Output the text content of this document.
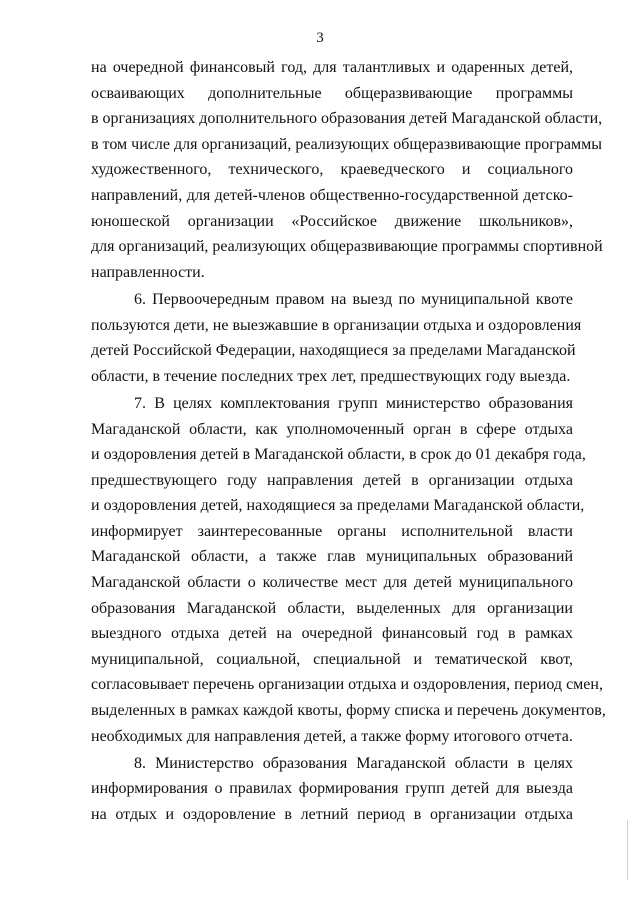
3
на очередной финансовый год, для талантливых и одаренных детей,
осваивающих дополнительные общеразвивающие программы
в организациях дополнительного образования детей Магаданской области,
в том числе для организаций, реализующих общеразвивающие программы
художественного, технического, краеведческого и социального
направлений, для детей-членов общественно-государственной детско-
юношеской организации «Российское движение школьников»,
для организаций, реализующих общеразвивающие программы спортивной
направленности.
6. Первоочередным правом на выезд по муниципальной квоте
пользуются дети, не выезжавшие в организации отдыха и оздоровления
детей Российской Федерации, находящиеся за пределами Магаданской
области, в течение последних трех лет, предшествующих году выезда.
7. В целях комплектования групп министерство образования
Магаданской области, как уполномоченный орган в сфере отдыха
и оздоровления детей в Магаданской области, в срок до 01 декабря года,
предшествующего году направления детей в организации отдыха
и оздоровления детей, находящиеся за пределами Магаданской области,
информирует заинтересованные органы исполнительной власти
Магаданской области, а также глав муниципальных образований
Магаданской области о количестве мест для детей муниципального
образования Магаданской области, выделенных для организации
выездного отдыха детей на очередной финансовый год в рамках
муниципальной, социальной, специальной и тематической квот,
согласовывает перечень организации отдыха и оздоровления, период смен,
выделенных в рамках каждой квоты, форму списка и перечень документов,
необходимых для направления детей, а также форму итогового отчета.
8. Министерство образования Магаданской области в целях
информирования о правилах формирования групп детей для выезда
на отдых и оздоровление в летний период в организации отдыха
